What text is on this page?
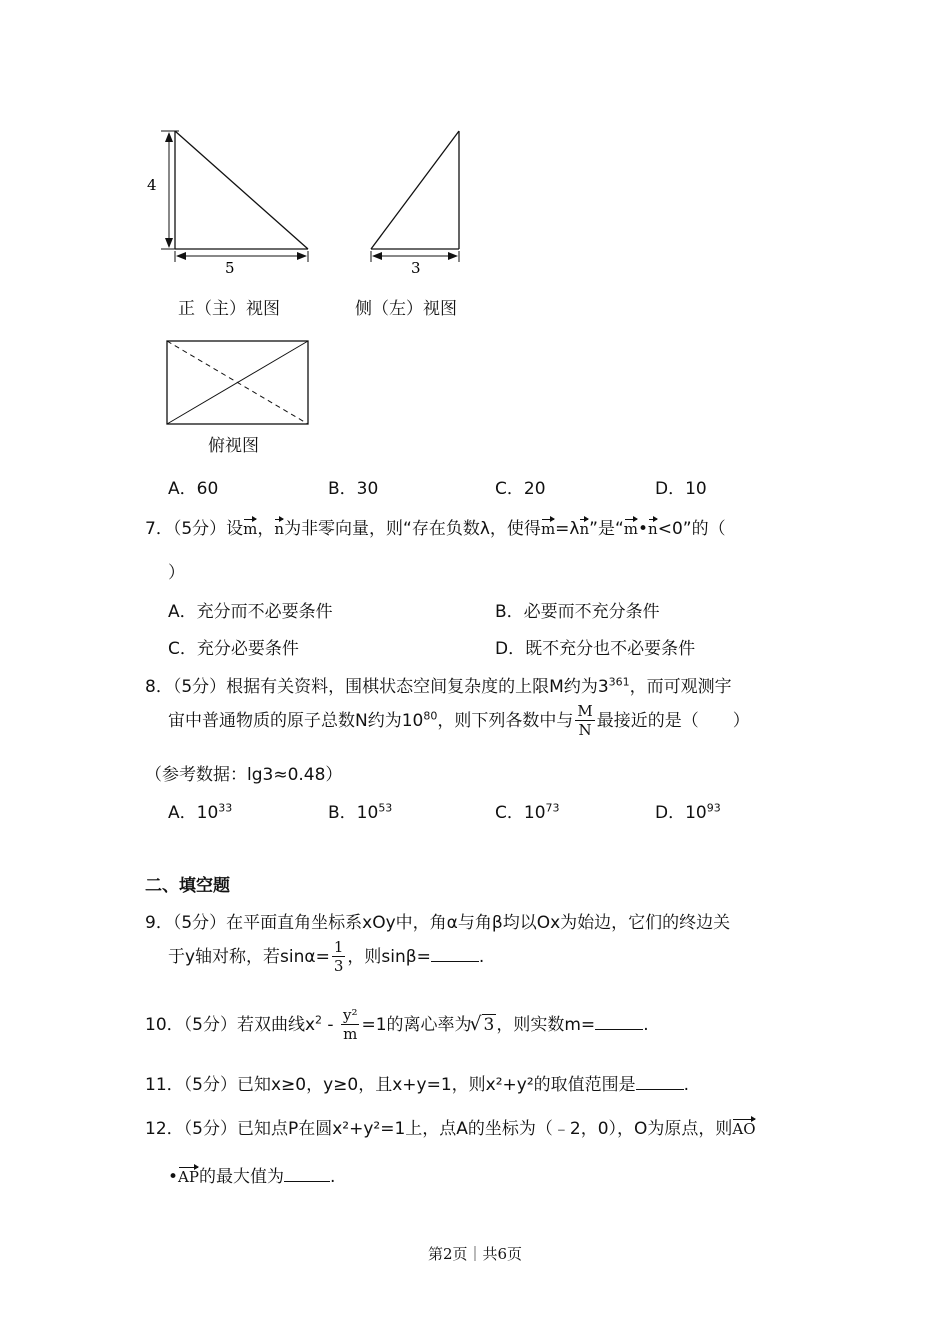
4
5	3
正（主）视图	侧（左）视图
俯视图
A．60	B．30	C．20	D．10
7．（5分）设m，n为非零向量，则“存在负数λ，使得m=λn”是“m•n<0”的（
）
A．充分而不必要条件	B．必要而不充分条件
C．充分必要条件	D．既不充分也不必要条件
8．（5分）根据有关资料，围棋状态空间复杂度的上限M约为$3^{361}$，而可观测宇
宙中普通物质的原子总数N约为$10^{80}$，则下列各数中与 $\frac{M}{N}$ 最接近的是（　　）
（参考数据：lg3≈0.48）
A．$10^{33}$	B．$10^{53}$	C．$10^{73}$	D．$10^{93}$
二、填空题
9．（5分）在平面直角坐标系xOy中，角α与角β均以Ox为始边，它们的终边关
于y轴对称，若$\sin\alpha= \frac{1}{3}$ ，则sinβ=	.
10．（5分）若双曲线$x^2 - \frac{\text{y²}}{m} =1$的离心率为√ 3 ，则实数m=	.
11．（5分）已知x≥0，y≥0，且x+y=1，则x²+y²的取值范围是	.
12．（5分）已知点P在圆x²+y²=1上，点A的坐标为（﹣2，0），O为原点，则AO
•AP的最大值为	.
第2页｜共6页
